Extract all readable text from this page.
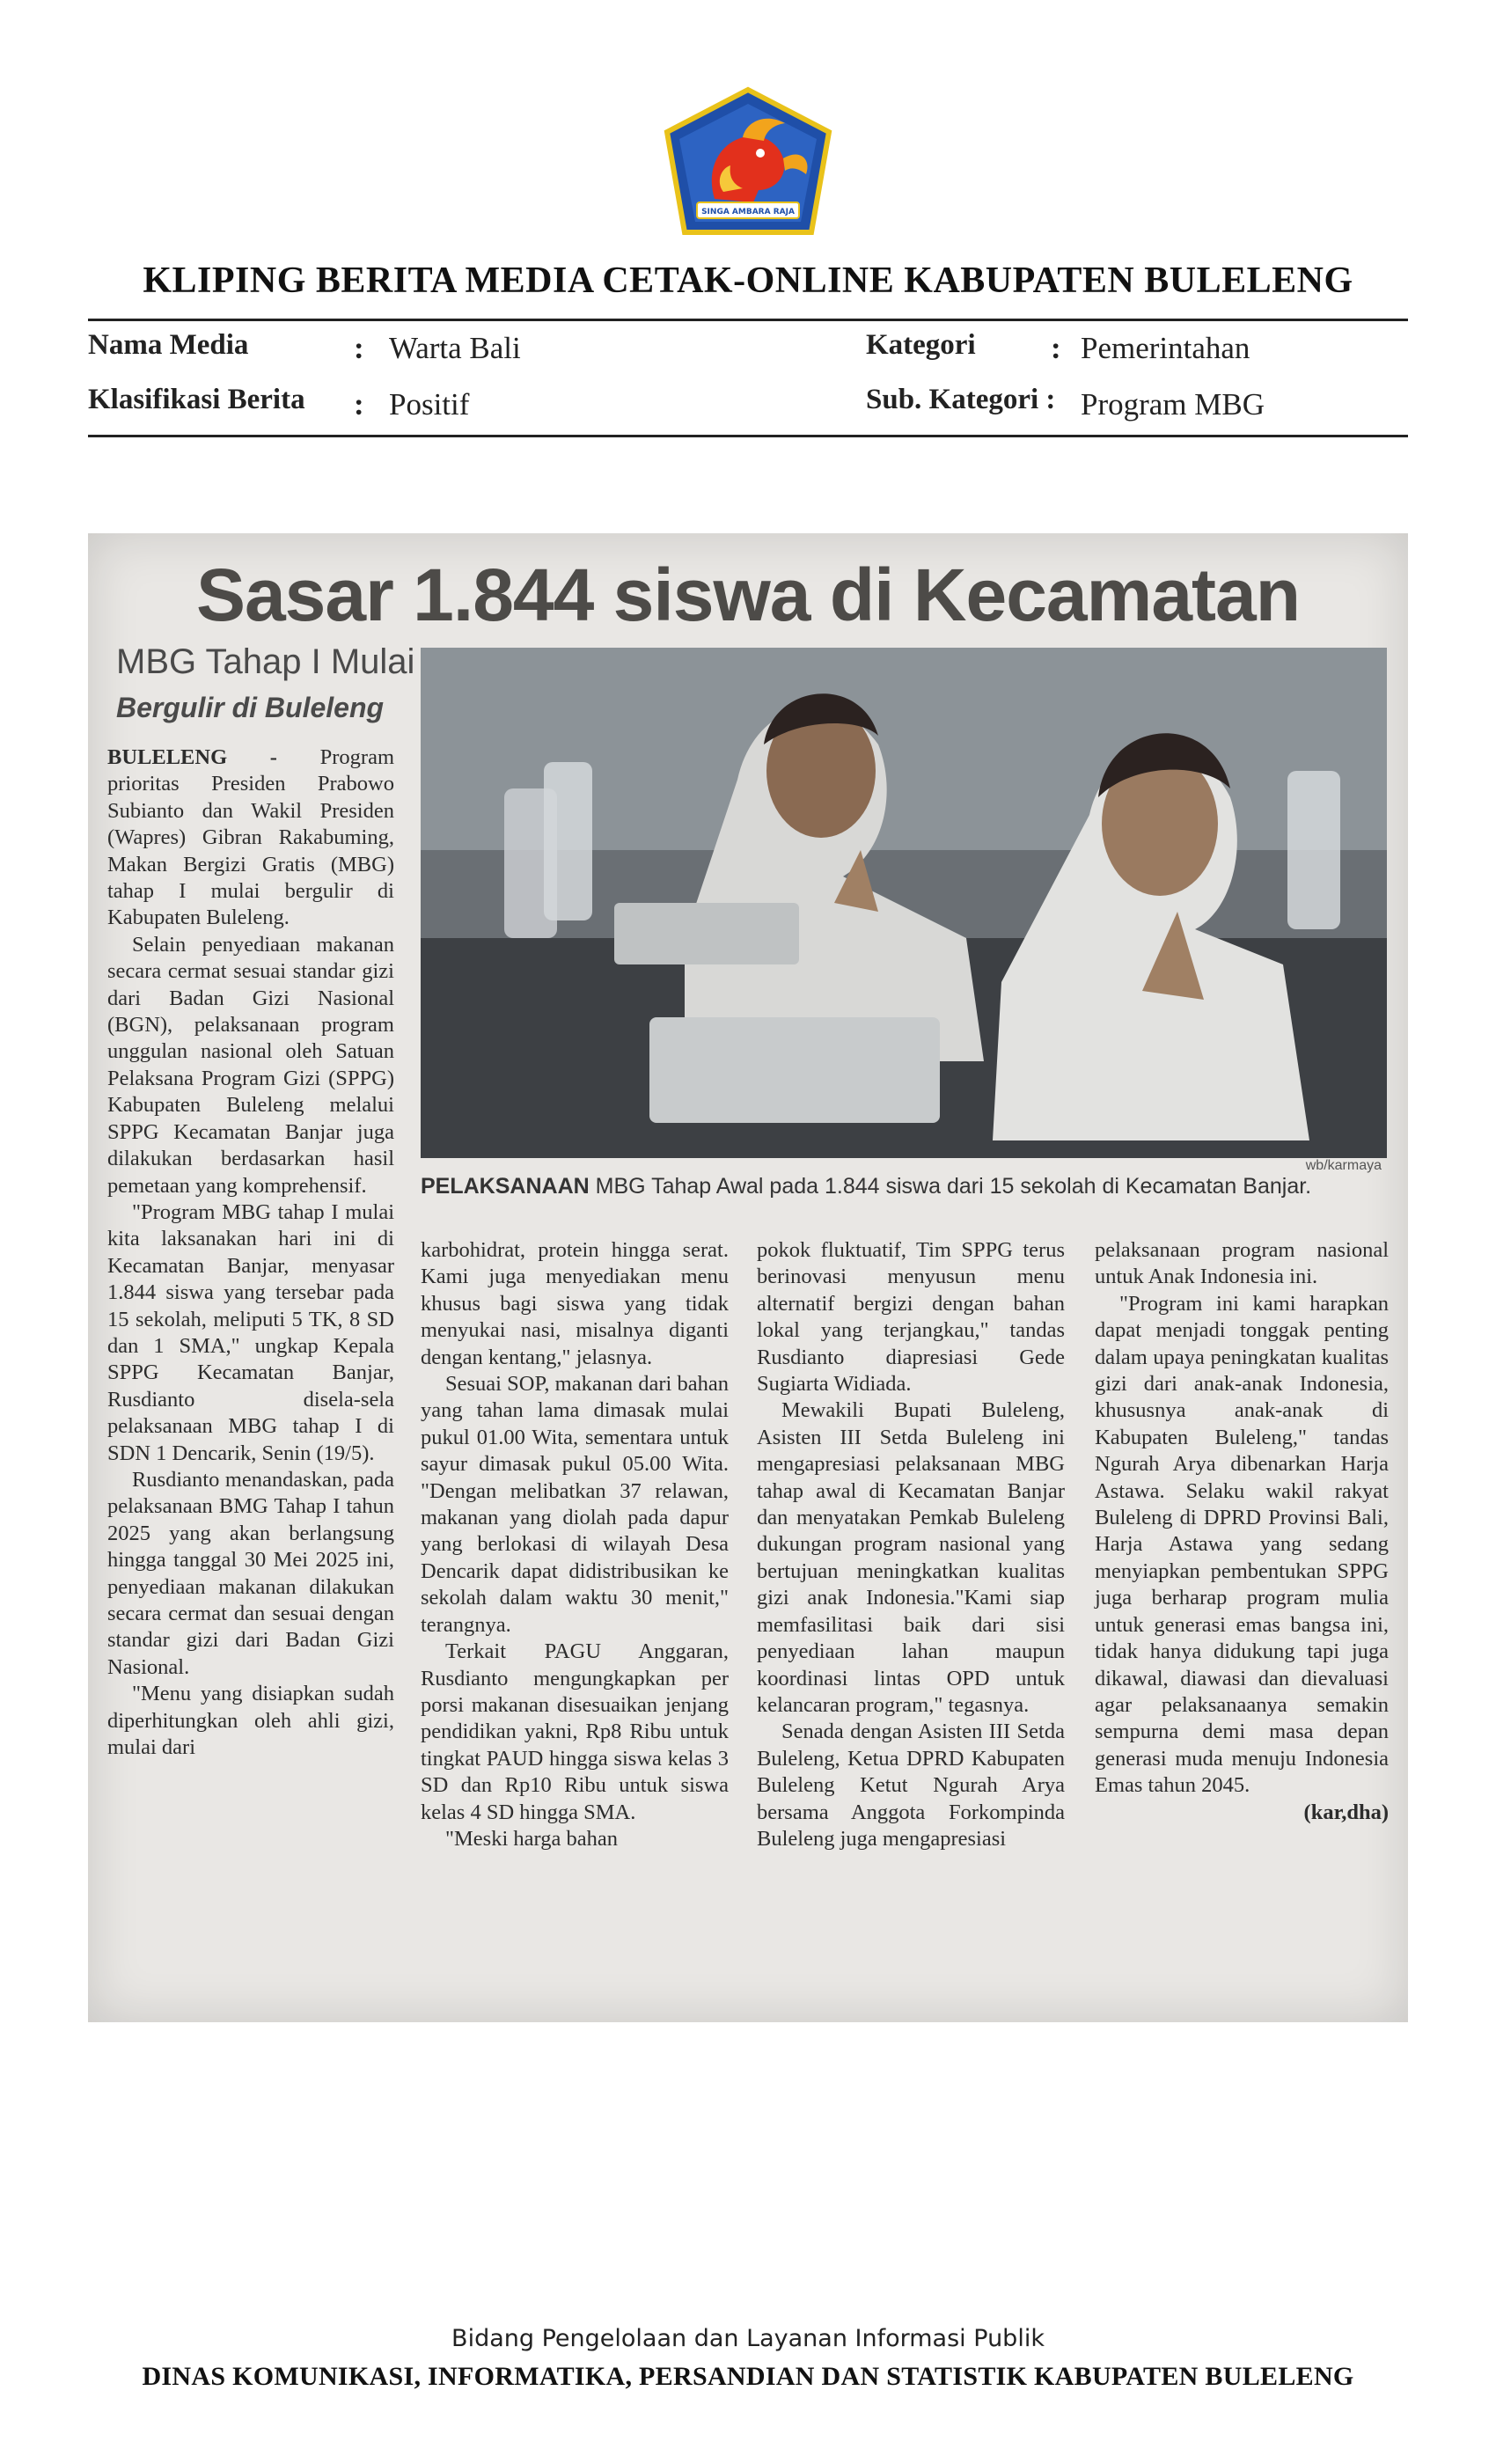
SINGA AMBARA RAJA
KLIPING BERITA MEDIA CETAK-ONLINE KABUPATEN BULELENG
Nama Media	: Warta Bali	Kategori : Pemerintahan
Klasifikasi Berita : Positif	Sub. Kategori : Program MBG
Sasar 1.844 siswa di Kecamatan
MBG Tahap I Mulai
Bergulir di Buleleng
wb/karmaya
PELAKSANAAN MBG Tahap Awal pada 1.844 siswa dari 15 sekolah di Kecamatan Banjar.

BULELENG - Program prioritas Presiden Prabowo Subianto dan Wakil Presiden (Wapres) Gibran Rakabuming, Makan Bergizi Gratis (MBG) tahap I mulai bergulir di Kabupaten Buleleng.

Selain penyediaan makanan secara cermat sesuai standar gizi dari Badan Gizi Nasional (BGN), pelaksanaan program unggulan nasional oleh Satuan Pelaksana Program Gizi (SPPG) Kabupaten Buleleng melalui SPPG Kecamatan Banjar juga dilakukan berdasarkan hasil pemetaan yang komprehensif.

"Program MBG tahap I mulai kita laksanakan hari ini di Kecamatan Banjar, menyasar 1.844 siswa yang tersebar pada 15 sekolah, meliputi 5 TK, 8 SD dan 1 SMA," ungkap Kepala SPPG Kecamatan Banjar, Rusdianto disela-sela pelaksanaan MBG tahap I di SDN 1 Dencarik, Senin (19/5).

Rusdianto menandaskan, pada pelaksanaan BMG Tahap I tahun 2025 yang akan berlangsung hingga tanggal 30 Mei 2025 ini, penyediaan makanan dilakukan secara cermat dan sesuai dengan standar gizi dari Badan Gizi Nasional.

"Menu yang disiapkan sudah diperhitungkan oleh ahli gizi, mulai dari

karbohidrat, protein hingga serat. Kami juga menyediakan menu khusus bagi siswa yang tidak menyukai nasi, misalnya diganti dengan kentang," jelasnya.

Sesuai SOP, makanan dari bahan yang tahan lama dimasak mulai pukul 01.00 Wita, sementara untuk sayur dimasak pukul 05.00 Wita. "Dengan melibatkan 37 relawan, makanan yang diolah pada dapur yang berlokasi di wilayah Desa Dencarik dapat didistribusikan ke sekolah dalam waktu 30 menit," terangnya.

Terkait PAGU Anggaran, Rusdianto mengungkapkan per porsi makanan disesuaikan jenjang pendidikan yakni, Rp8 Ribu untuk tingkat PAUD hingga siswa kelas 3 SD dan Rp10 Ribu untuk siswa kelas 4 SD hingga SMA.

"Meski harga bahan

pokok fluktuatif, Tim SPPG terus berinovasi menyusun menu alternatif bergizi dengan bahan lokal yang terjangkau," tandas Rusdianto diapresiasi Gede Sugiarta Widiada.

Mewakili Bupati Buleleng, Asisten III Setda Buleleng ini mengapresiasi pelaksanaan MBG tahap awal di Kecamatan Banjar dan menyatakan Pemkab Buleleng dukungan program nasional yang bertujuan meningkatkan kualitas gizi anak Indonesia."Kami siap memfasilitasi baik dari sisi penyediaan lahan maupun koordinasi lintas OPD untuk kelancaran program," tegasnya.

Senada dengan Asisten III Setda Buleleng, Ketua DPRD Kabupaten Buleleng Ketut Ngurah Arya bersama Anggota Forkompinda Buleleng juga mengapresiasi

pelaksanaan program nasional untuk Anak Indonesia ini.

"Program ini kami harapkan dapat menjadi tonggak penting dalam upaya peningkatan kualitas gizi dari anak-anak Indonesia, khususnya anak-anak di Kabupaten Buleleng," tandas Ngurah Arya dibenarkan Harja Astawa. Selaku wakil rakyat Buleleng di DPRD Provinsi Bali, Harja Astawa yang sedang menyiapkan pembentukan SPPG juga berharap program mulia untuk generasi emas bangsa ini, tidak hanya didukung tapi juga dikawal, diawasi dan dievaluasi agar pelaksanaanya semakin sempurna demi masa depan generasi muda menuju Indonesia Emas tahun 2045.

(kar,dha)

Bidang Pengelolaan dan Layanan Informasi Publik
DINAS KOMUNIKASI, INFORMATIKA, PERSANDIAN DAN STATISTIK KABUPATEN BULELENG
